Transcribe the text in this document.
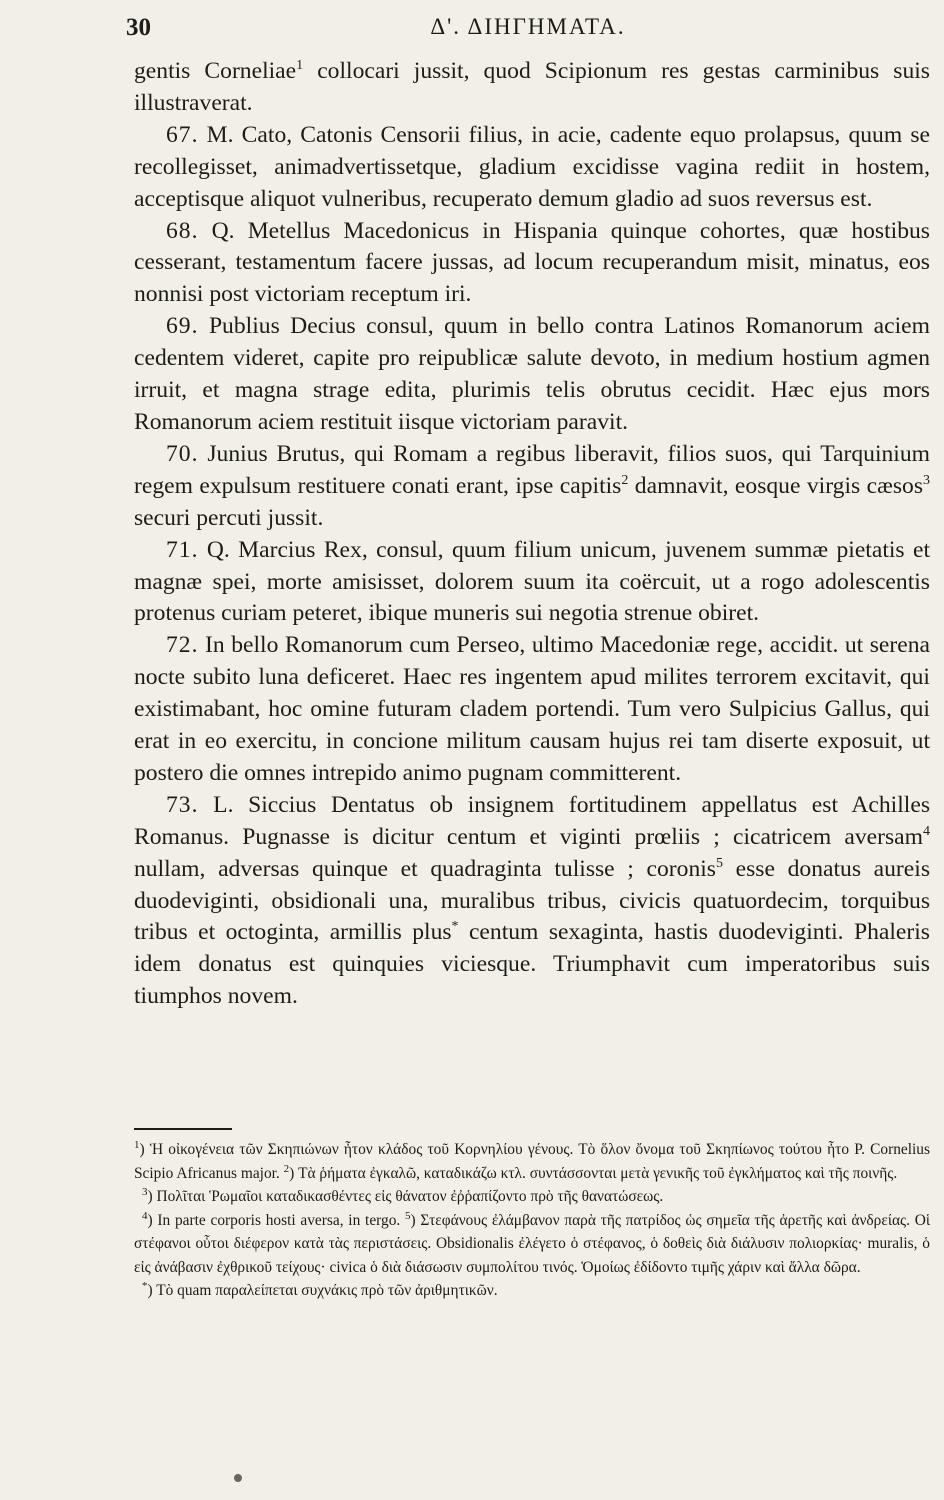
30	Δ'. ΔΙΗΓΗΜΑΤΑ.

gentis Corneliae$^1$ collocari jussit, quod Scipionum res gestas carminibus suis illustraverat.

67. M. Cato, Catonis Censorii filius, in acie, cadente equo prolapsus, quum se recollegisset, animadvertissetque, gladium excidisse vagina rediit in hostem, acceptisque aliquot vulneribus, recuperato demum gladio ad suos reversus est.

68. Q. Metellus Macedonicus in Hispania quinque cohortes, quæ hostibus cesserant, testamentum facere jussas, ad locum recuperandum misit, minatus, eos nonnisi post victoriam receptum iri.

69. Publius Decius consul, quum in bello contra Latinos Romanorum aciem cedentem videret, capite pro reipublicæ salute devoto, in medium hostium agmen irruit, et magna strage edita, plurimis telis obrutus cecidit. Hæc ejus mors Romanorum aciem restituit iisque victoriam paravit.

70. Junius Brutus, qui Romam a regibus liberavit, filios suos, qui Tarquinium regem expulsum restituere conati erant, ipse capitis$^2$ damnavit, eosque virgis cæsos$^3$ securi percuti jussit.

71. Q. Marcius Rex, consul, quum filium unicum, juvenem summæ pietatis et magnæ spei, morte amisisset, dolorem suum ita coërcuit, ut a rogo adolescentis protenus curiam peteret, ibique muneris sui negotia strenue obiret.

72. In bello Romanorum cum Perseo, ultimo Macedoniæ rege, accidit. ut serena nocte subito luna deficeret. Haec res ingentem apud milites terrorem excitavit, qui existimabant, hoc omine futuram cladem portendi. Tum vero Sulpicius Gallus, qui erat in eo exercitu, in concione militum causam hujus rei tam diserte exposuit, ut postero die omnes intrepido animo pugnam committerent.

73. L. Siccius Dentatus ob insignem fortitudinem appellatus est Achilles Romanus. Pugnasse is dicitur centum et viginti prœliis ; cicatricem aversam$^4$ nullam, adversas quinque et quadraginta tulisse ; coronis$^5$ esse donatus aureis duodeviginti, obsidionali una, muralibus tribus, civicis quatuordecim, torquibus tribus et octoginta, armillis plus* centum sexaginta, hastis duodeviginti. Phaleris idem donatus est quinquies viciesque. Triumphavit cum imperatoribus suis tiumphos novem.

$^1$) Ἡ οἰκογένεια τῶν Σκηπιώνων ἦτον κλάδος τοῦ Κορνηλίου γένους. Τὸ ὅλον ὄνομα τοῦ Σκηπίωνος τούτου ἦτο P. Cornelius Scipio Africanus major. $^2$) Τὰ ῥήματα ἐγκαλῶ, καταδικάζω κτλ. συντάσσονται μετὰ γενικῆς τοῦ ἐγκλήματος καὶ τῆς ποινῆς.

$^3$) Πολῖται Ῥωμαῖοι καταδικασθέντες εἰς θάνατον ἐῤῥαπίζοντο πρὸ τῆς θανατώσεως.

$^4$) In parte corporis hosti aversa, in tergo. $^5$) Στεφάνους ἐλάμβανον παρὰ τῆς πατρίδος ὡς σημεῖα τῆς ἀρετῆς καὶ ἀνδρείας. Οἱ στέφανοι οὗτοι διέφερον κατὰ τὰς περιστάσεις. Obsidionalis ἐλέγετο ὁ στέφανος, ὁ δοθεὶς διὰ διάλυσιν πολιορκίας· muralis, ὁ εἰς ἀνάβασιν ἐχθρικοῦ τείχους· civica ὁ διὰ διάσωσιν συμπολίτου τινός. Ὁμοίως ἐδίδοντο τιμῆς χάριν καὶ ἄλλα δῶρα.

*) Τὸ quam παραλείπεται συχνάκις πρὸ τῶν ἀριθμητικῶν.
